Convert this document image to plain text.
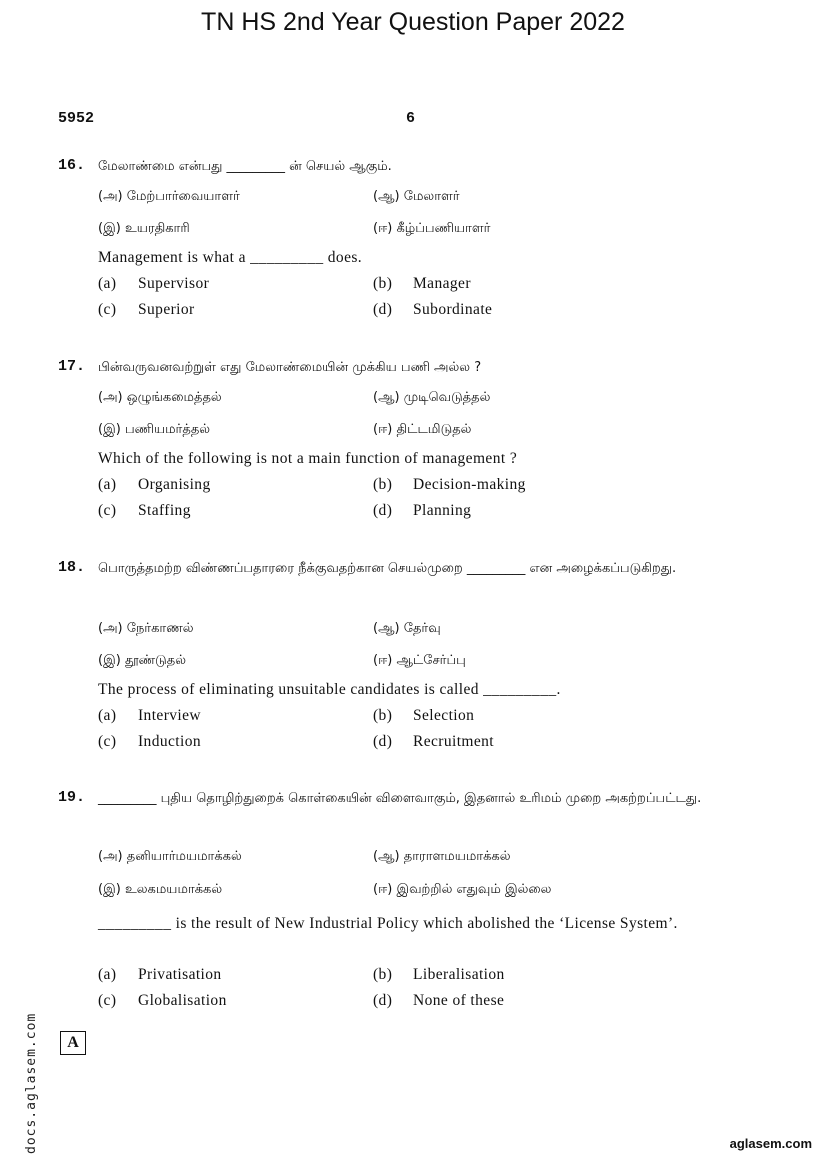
TN HS 2nd Year Question Paper 2022
5952	6
16. மேலாண்மை என்பது _________ ன் செயல் ஆகும்.
(அ) மேற்பார்வையாளர்	(ஆ) மேலாளர்
(இ) உயரதிகாரி	(ஈ) கீழ்ப்பணியாளர்
Management is what a _________ does.
(a) Supervisor	(b) Manager
(c) Superior	(d) Subordinate
17. பின்வருவனவற்றுள் எது மேலாண்மையின் முக்கிய பணி அல்ல ?
(அ) ஒழுங்கமைத்தல்	(ஆ) முடிவெடுத்தல்
(இ) பணியமர்த்தல்	(ஈ) திட்டமிடுதல்
Which of the following is not a main function of management ?
(a) Organising	(b) Decision-making
(c) Staffing	(d) Planning
18. பொருத்தமற்ற விண்ணப்பதாரரை நீக்குவதற்கான செயல்முறை _________ என அழைக்கப்படுகிறது.
(அ) நேர்காணல்	(ஆ) தேர்வு
(இ) தூண்டுதல்	(ஈ) ஆட்சேர்ப்பு
The process of eliminating unsuitable candidates is called _________.
(a) Interview	(b) Selection
(c) Induction	(d) Recruitment
19. _________ புதிய தொழிற்துறைக் கொள்கையின் விளைவாகும், இதனால் உரிமம் முறை அகற்றப்பட்டது.
(அ) தனியார்மயமாக்கல்	(ஆ) தாராளமயமாக்கல்
(இ) உலகமயமாக்கல்	(ஈ) இவற்றில் எதுவும் இல்லை
_________ is the result of New Industrial Policy which abolished the ‘License System’.
(a) Privatisation	(b) Liberalisation
(c) Globalisation	(d) None of these
A
docs.aglasem.com	aglasem.com
